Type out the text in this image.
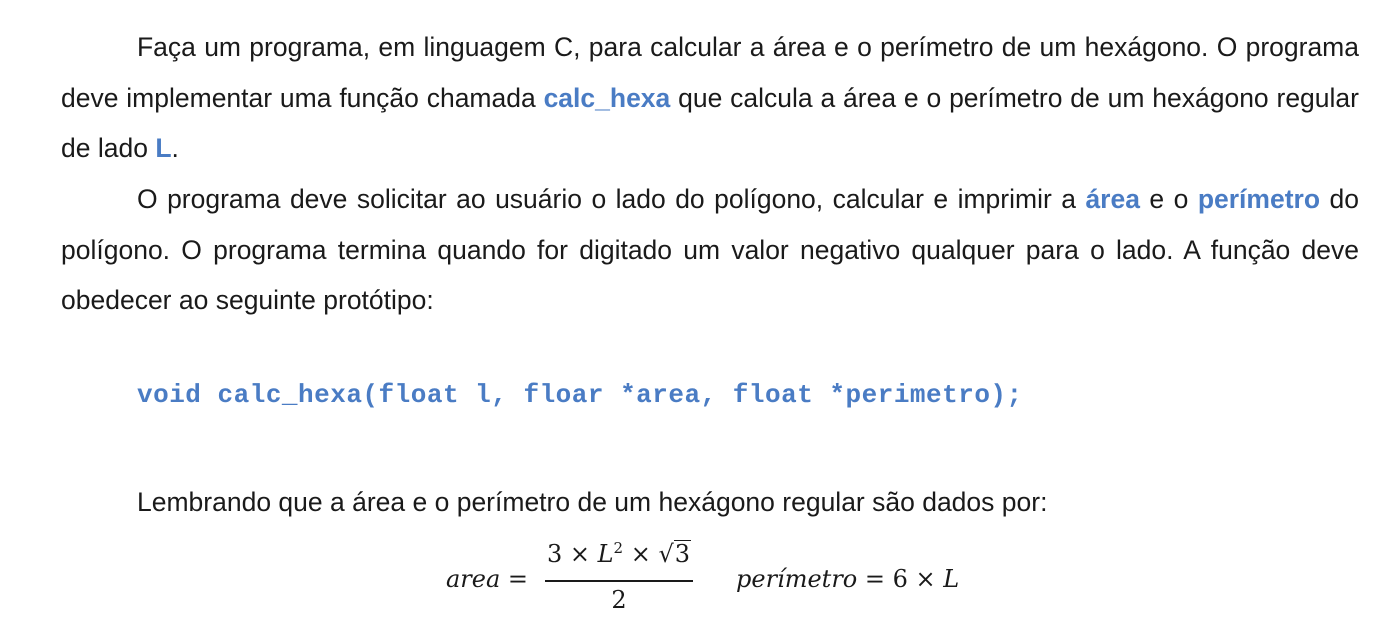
Faça um programa, em linguagem C, para calcular a área e o perímetro de um hexágono. O programa deve implementar uma função chamada calc_hexa que calcula a área e o perímetro de um hexágono regular de lado L.

O programa deve solicitar ao usuário o lado do polígono, calcular e imprimir a área e o perímetro do polígono. O programa termina quando for digitado um valor negativo qualquer para o lado. A função deve obedecer ao seguinte protótipo:

void calc_hexa(float l, floar *area, float *perimetro);

Lembrando que a área e o perímetro de um hexágono regular são dados por:

area =
$3 \times L^2 \times √3$
2
perímetro = 6 × L
